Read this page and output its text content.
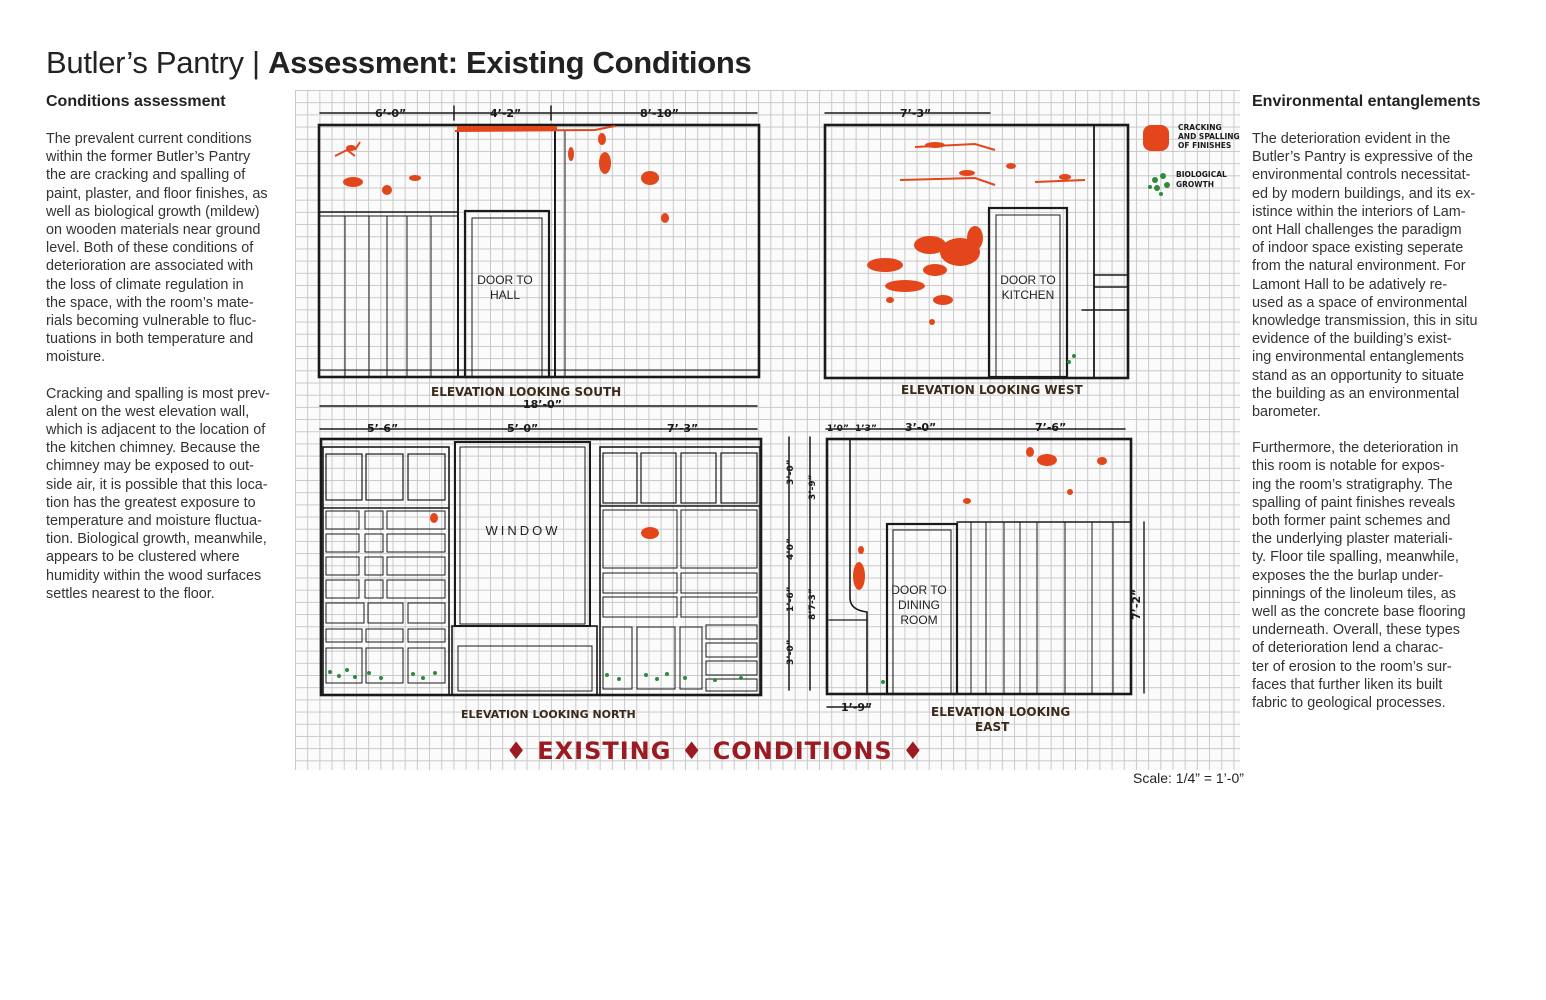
Butler’s Pantry | Assessment: Existing Conditions
Conditions assessment

The prevalent current conditions
within the former Butler’s Pantry
the are cracking and spalling of
paint, plaster, and floor finishes, as
well as biological growth (mildew)
on wooden materials near ground
level. Both of these conditions of
deterioration are associated with
the loss of climate regulation in
the space, with the room’s mate-
rials becoming vulnerable to fluc-
tuations in both temperature and
moisture.

Cracking and spalling is most prev-
alent on the west elevation wall,
which is adjacent to the location of
the kitchen chimney. Because the
chimney may be exposed to out-
side air, it is possible that this loca-
tion has the greatest exposure to
temperature and moisture fluctua-
tion. Biological growth, meanwhile,
appears to be clustered where
humidity within the wood surfaces
settles nearest to the floor.

6’-0”	4’-2”	8’-10”
18’-0”
7’-3”
5’-6”	5’-0”	7’-3”	1’0” 1’3”	3’-0”	7’-6”
1’-9”
7’-2”
3’-0”
4’0”
1’-6”
3’-0”
3’-9”
8’7-3”
DOOR TO
HALL
DOOR TO
KITCHEN
DOOR TO
DINING
ROOM
WINDOW
ELEVATION LOOKING SOUTH	ELEVATION LOOKING WEST
ELEVATION LOOKING NORTH	ELEVATION LOOKING
EAST
CRACKING
AND SPALLING
OF FINISHES
BIOLOGICAL
GROWTH
♦ EXISTING ♦ CONDITIONS ♦
Scale: 1/4” = 1’-0”
Environmental entanglements

The deterioration evident in the
Butler’s Pantry is expressive of the
environmental controls necessitat-
ed by modern buildings, and its ex-
istince within the interiors of Lam-
ont Hall challenges the paradigm
of indoor space existing seperate
from the natural environment. For
Lamont Hall to be adatively re-
used as a space of environmental
knowledge transmission, this in situ
evidence of the building’s exist-
ing environmental entanglements
stand as an opportunity to situate
the building as an environmental
barometer.

Furthermore, the deterioration in
this room is notable for expos-
ing the room’s stratigraphy. The
spalling of paint finishes reveals
both former paint schemes and
the underlying plaster materiali-
ty. Floor tile spalling, meanwhile,
exposes the the burlap under-
pinnings of the linoleum tiles, as
well as the concrete base flooring
underneath. Overall, these types
of deterioration lend a charac-
ter of erosion to the room’s sur-
faces that further liken its built
fabric to geological processes.
